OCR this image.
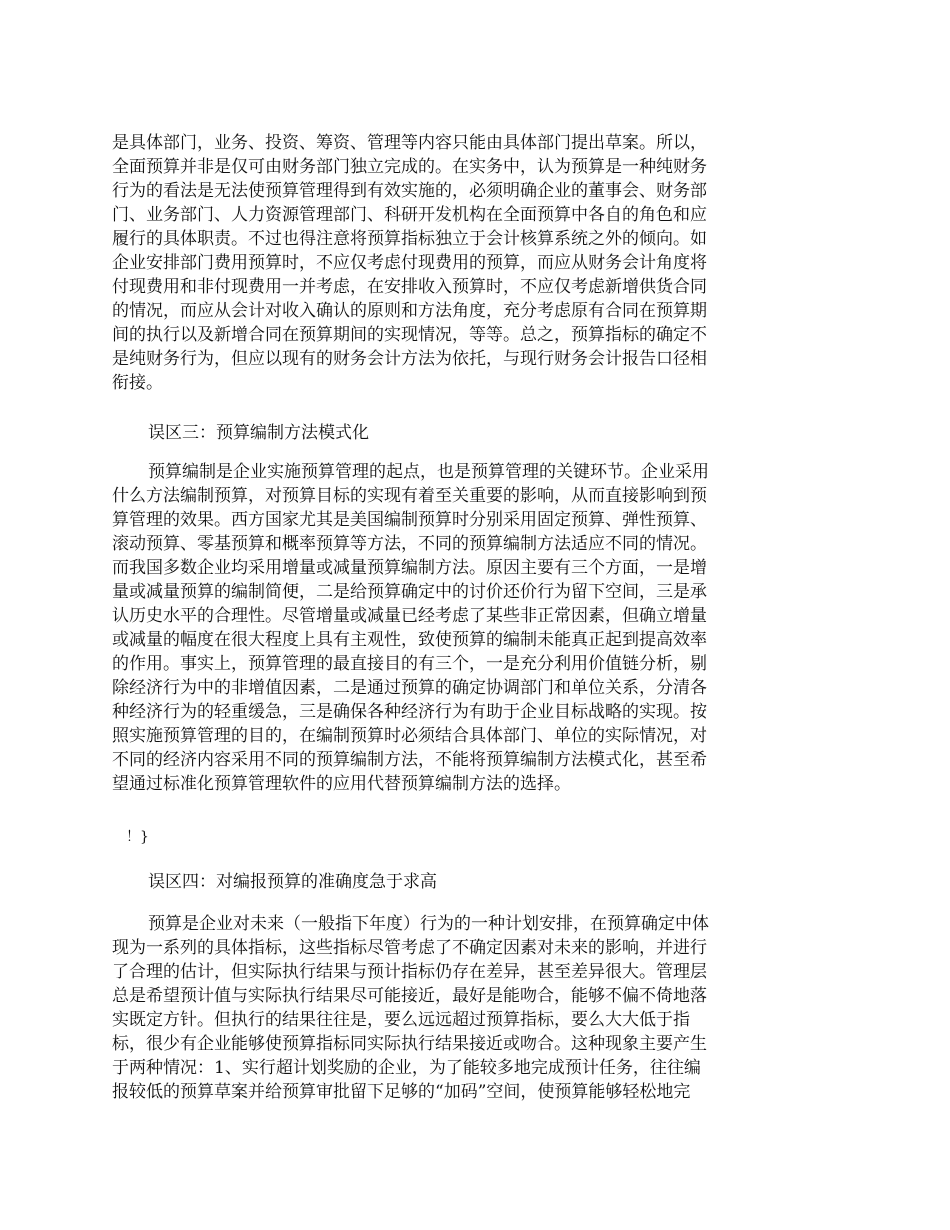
是具体部门，业务、投资、筹资、管理等内容只能由具体部门提出草案。所以，
全面预算并非是仅可由财务部门独立完成的。在实务中，认为预算是一种纯财务
行为的看法是无法使预算管理得到有效实施的，必须明确企业的董事会、财务部
门、业务部门、人力资源管理部门、科研开发机构在全面预算中各自的角色和应
履行的具体职责。不过也得注意将预算指标独立于会计核算系统之外的倾向。如
企业安排部门费用预算时，不应仅考虑付现费用的预算，而应从财务会计角度将
付现费用和非付现费用一并考虑，在安排收入预算时，不应仅考虑新增供货合同
的情况，而应从会计对收入确认的原则和方法角度，充分考虑原有合同在预算期
间的执行以及新增合同在预算期间的实现情况，等等。总之，预算指标的确定不
是纯财务行为，但应以现有的财务会计方法为依托，与现行财务会计报告口径相
衔接。
误区三：预算编制方法模式化
预算编制是企业实施预算管理的起点，也是预算管理的关键环节。企业采用
什么方法编制预算，对预算目标的实现有着至关重要的影响，从而直接影响到预
算管理的效果。西方国家尤其是美国编制预算时分别采用固定预算、弹性预算、
滚动预算、零基预算和概率预算等方法，不同的预算编制方法适应不同的情况。
而我国多数企业均采用增量或减量预算编制方法。原因主要有三个方面，一是增
量或减量预算的编制简便，二是给预算确定中的讨价还价行为留下空间，三是承
认历史水平的合理性。尽管增量或减量已经考虑了某些非正常因素，但确立增量
或减量的幅度在很大程度上具有主观性，致使预算的编制未能真正起到提高效率
的作用。事实上，预算管理的最直接目的有三个，一是充分利用价值链分析，剔
除经济行为中的非增值因素，二是通过预算的确定协调部门和单位关系，分清各
种经济行为的轻重缓急，三是确保各种经济行为有助于企业目标战略的实现。按
照实施预算管理的目的，在编制预算时必须结合具体部门、单位的实际情况，对
不同的经济内容采用不同的预算编制方法，不能将预算编制方法模式化，甚至希
望通过标准化预算管理软件的应用代替预算编制方法的选择。
！}
误区四：对编报预算的准确度急于求高
预算是企业对未来（一般指下年度）行为的一种计划安排，在预算确定中体
现为一系列的具体指标，这些指标尽管考虑了不确定因素对未来的影响，并进行
了合理的估计，但实际执行结果与预计指标仍存在差异，甚至差异很大。管理层
总是希望预计值与实际执行结果尽可能接近，最好是能吻合，能够不偏不倚地落
实既定方针。但执行的结果往往是，要么远远超过预算指标，要么大大低于指
标，很少有企业能够使预算指标同实际执行结果接近或吻合。这种现象主要产生
于两种情况：1、实行超计划奖励的企业，为了能较多地完成预计任务，往往编
报较低的预算草案并给预算审批留下足够的“加码”空间，使预算能够轻松地完
